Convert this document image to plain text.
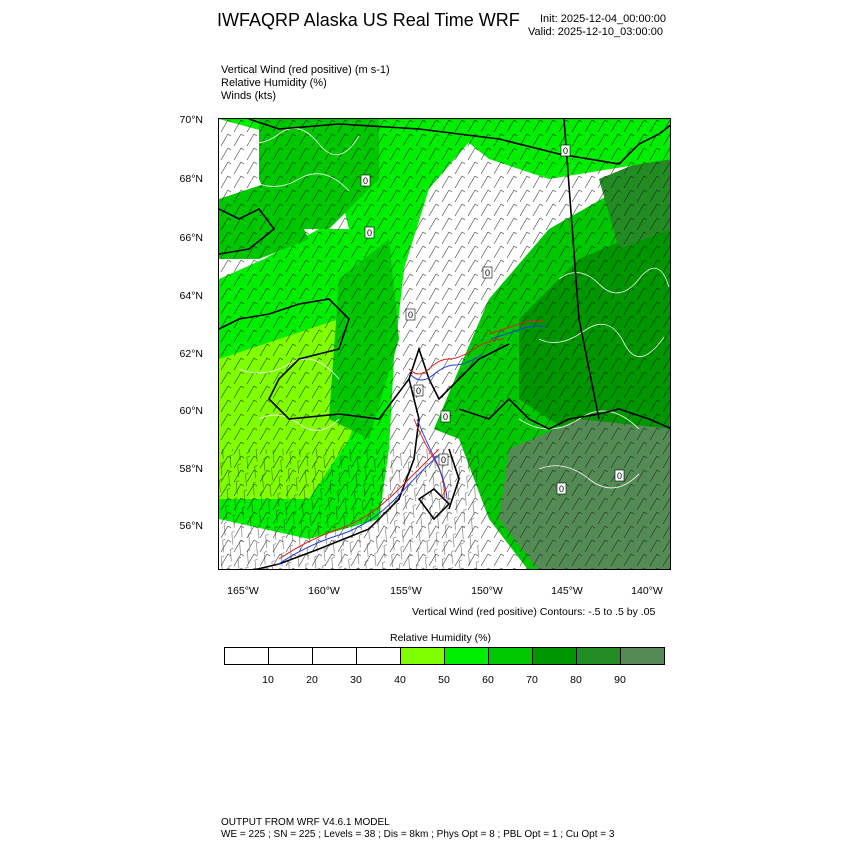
IWFAQRP Alaska US Real Time WRF Init: 2025-12-04_00:00:00
Valid: 2025-12-10_03:00:00
Vertical Wind (red positive) (m s-1)
Relative Humidity (%)
Winds (kts)
0
0
0
0
0
0
0
0
0
0
70°N
68°N
66°N
64°N
62°N
60°N
58°N
56°N
165°W	160°W	155°W	150°W	145°W	140°W
Vertical Wind (red positive) Contours: -.5 to .5 by .05
Relative Humidity (%)
10	20	30	40	50	60	70	80	90
OUTPUT FROM WRF V4.6.1 MODEL
WE = 225 ; SN = 225 ; Levels = 38 ; Dis = 8km ; Phys Opt = 8 ; PBL Opt = 1 ; Cu Opt = 3
